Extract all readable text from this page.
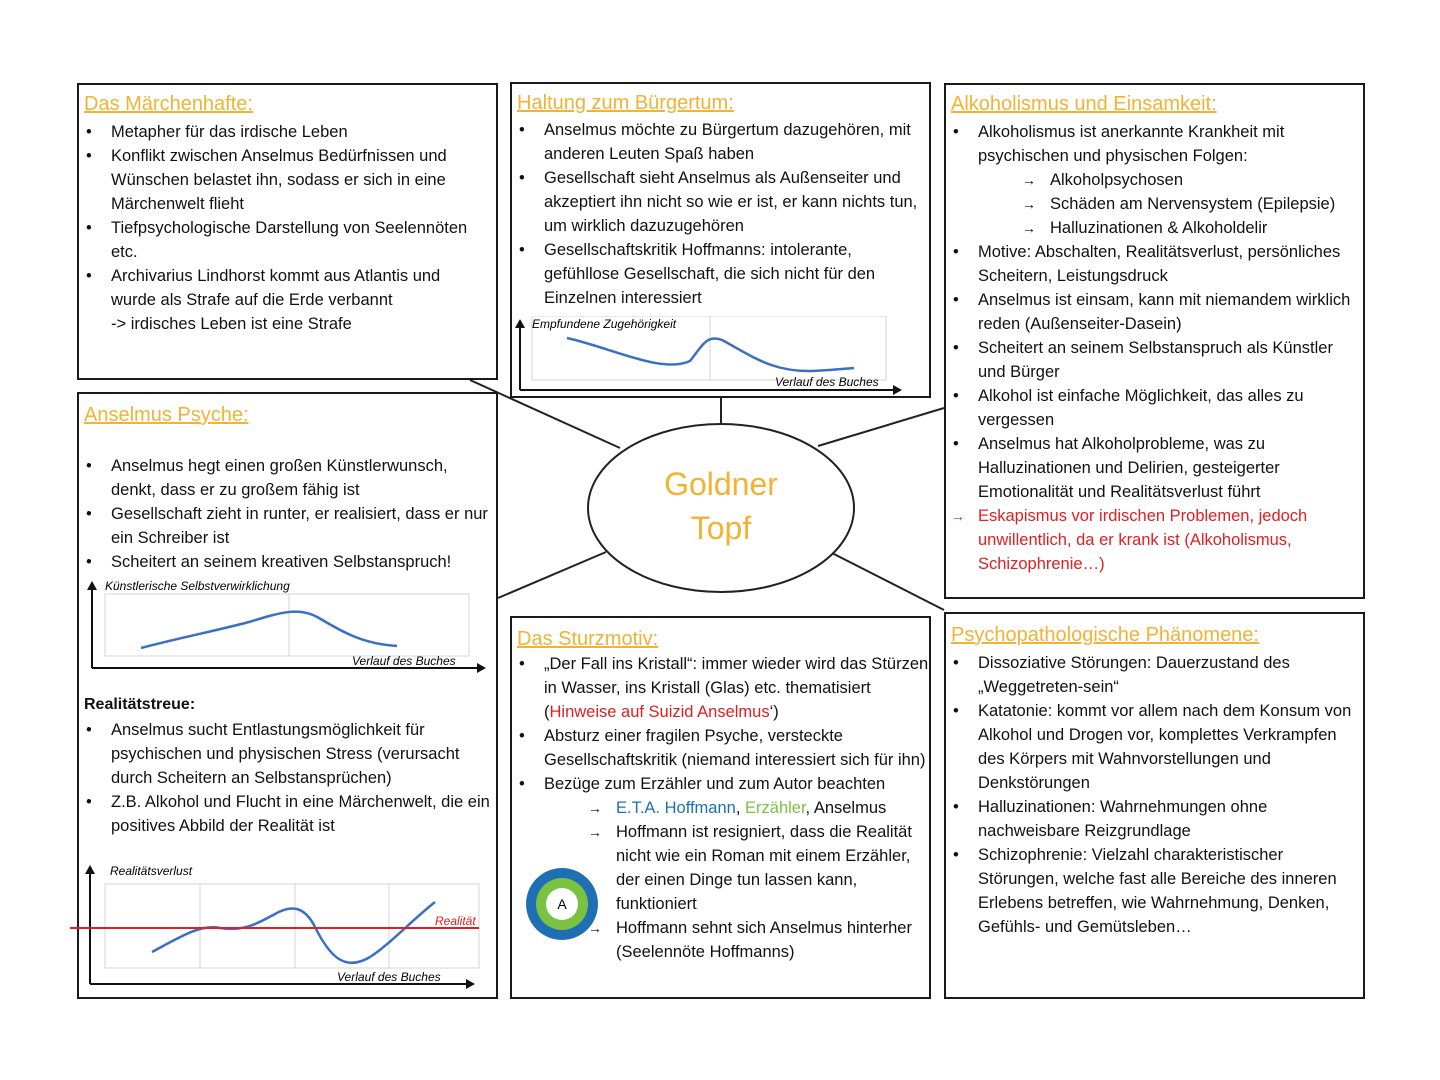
Goldner
Topf
Das Märchenhafte:
• Metapher für das irdische Leben
• Konflikt zwischen Anselmus Bedürfnissen und Wünschen belastet ihn, sodass er sich in eine Märchenwelt flieht
• Tiefpsychologische Darstellung von Seelennöten etc.
• Archivarius Lindhorst kommt aus Atlantis und wurde als Strafe auf die Erde verbannt
-> irdisches Leben ist eine Strafe
Haltung zum Bürgertum:
• Anselmus möchte zu Bürgertum dazugehören, mit anderen Leuten Spaß haben
• Gesellschaft sieht Anselmus als Außenseiter und akzeptiert ihn nicht so wie er ist, er kann nichts tun, um wirklich dazuzugehören
• Gesellschaftskritik Hoffmanns: intolerante, gefühllose Gesellschaft, die sich nicht für den Einzelnen interessiert
Empfundene Zugehörigkeit
Verlauf des Buches
Alkoholismus und Einsamkeit:
• Alkoholismus ist anerkannte Krankheit mit psychischen und physischen Folgen:
→ Alkoholpsychosen
→ Schäden am Nervensystem (Epilepsie)
→ Halluzinationen & Alkoholdelir
• Motive: Abschalten, Realitätsverlust, persönliches Scheitern, Leistungsdruck
• Anselmus ist einsam, kann mit niemandem wirklich reden (Außenseiter-Dasein)
• Scheitert an seinem Selbstanspruch als Künstler und Bürger
• Alkohol ist einfache Möglichkeit, das alles zu vergessen
• Anselmus hat Alkoholprobleme, was zu Halluzinationen und Delirien, gesteigerter Emotionalität und Realitätsverlust führt
→ Eskapismus vor irdischen Problemen, jedoch unwillentlich, da er krank ist (Alkoholismus, Schizophrenie…)
Anselmus Psyche:
• Anselmus hegt einen großen Künstlerwunsch, denkt, dass er zu großem fähig ist
• Gesellschaft zieht in runter, er realisiert, dass er nur ein Schreiber ist
• Scheitert an seinem kreativen Selbstanspruch!
Künstlerische Selbstverwirklichung
Verlauf des Buches
Realitätstreue:
• Anselmus sucht Entlastungsmöglichkeit für psychischen und physischen Stress (verursacht durch Scheitern an Selbstansprüchen)
• Z.B. Alkohol und Flucht in eine Märchenwelt, die ein positives Abbild der Realität ist
Realitätsverlust
Verlauf des Buches
Realität
Das Sturzmotiv:
• „Der Fall ins Kristall“: immer wieder wird das Stürzen in Wasser, ins Kristall (Glas) etc. thematisiert (Hinweise auf Suizid Anselmus‘)
• Absturz einer fragilen Psyche, versteckte Gesellschaftskritik (niemand interessiert sich für ihn)
• Bezüge zum Erzähler und zum Autor beachten
→ E.T.A. Hoffmann, Erzähler, Anselmus
→ Hoffmann ist resigniert, dass die Realität nicht wie ein Roman mit einem Erzähler, der einen Dinge tun lassen kann, funktioniert
→ Hoffmann sehnt sich Anselmus hinterher (Seelennöte Hoffmanns)
A
Psychopathologische Phänomene:
• Dissoziative Störungen: Dauerzustand des „Weggetreten-sein“
• Katatonie: kommt vor allem nach dem Konsum von Alkohol und Drogen vor, komplettes Verkrampfen des Körpers mit Wahnvorstellungen und Denkstörungen
• Halluzinationen: Wahrnehmungen ohne nachweisbare Reizgrundlage
• Schizophrenie: Vielzahl charakteristischer Störungen, welche fast alle Bereiche des inneren Erlebens betreffen, wie Wahrnehmung, Denken, Gefühls- und Gemütsleben…
